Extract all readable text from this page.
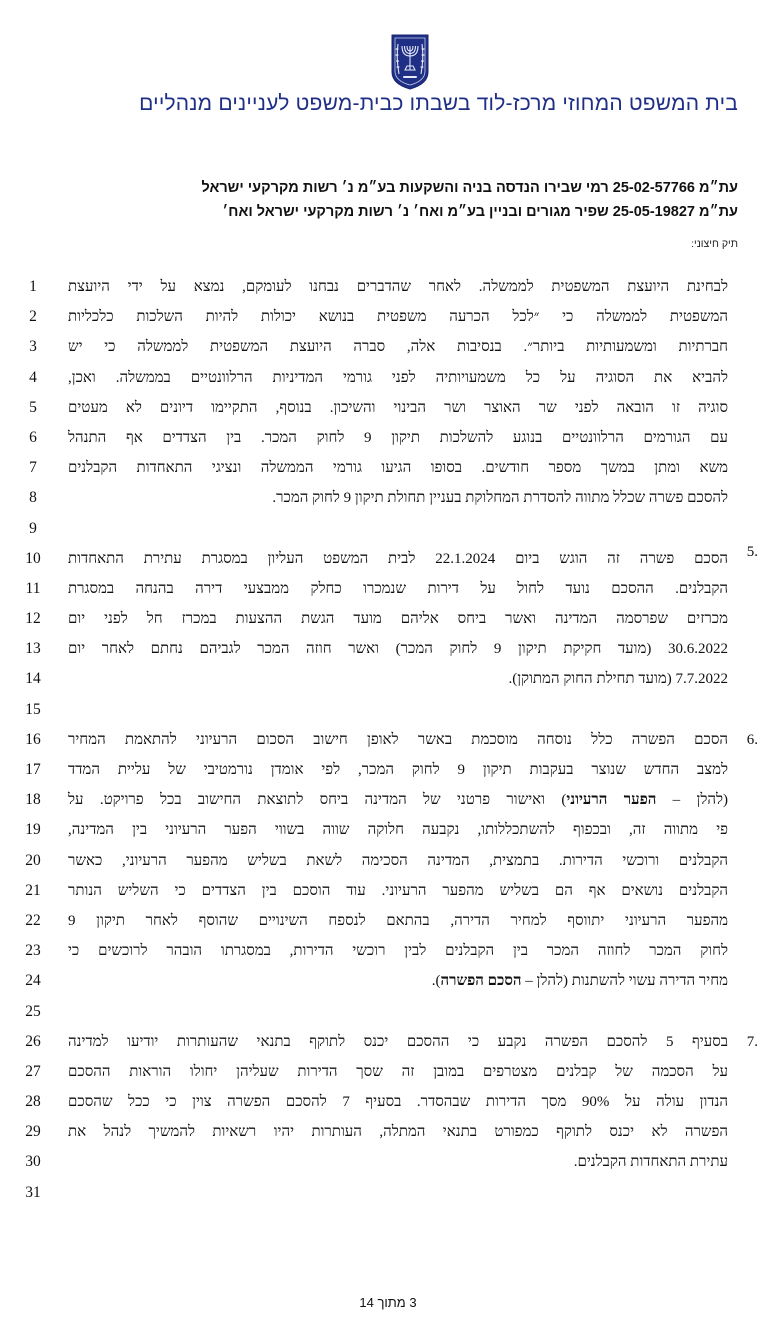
בית המשפט המחוזי מרכז-לוד בשבתו כבית-משפט לעניינים מנהליים
עת״מ 25-02-57766 רמי שבירו הנדסה בניה והשקעות בע״מ נ׳ רשות מקרקעי ישראל
עת״מ 25-05-19827 שפיר מגורים ובניין בע״מ ואח׳ נ׳ רשות מקרקעי ישראל ואח׳
תיק חיצוני:
1
2
3
4
5
6
7
8
9
10
11
12
13
14
15
16
17
18
19
20
21
22
23
24
25
26
27
28
29
30
31
לבחינת היועצת המשפטית לממשלה. לאחר שהדברים נבחנו לעומקם, נמצא על ידי היועצת
המשפטית לממשלה כי ״לכל הכרעה משפטית בנושא יכולות להיות השלכות כלכליות
חברתיות ומשמעותיות ביותר״. בנסיבות אלה, סברה היועצת המשפטית לממשלה כי יש
להביא את הסוגיה על כל משמעויותיה לפני גורמי המדיניות הרלוונטיים בממשלה. ואכן,
סוגיה זו הובאה לפני שר האוצר ושר הבינוי והשיכון. בנוסף, התקיימו דיונים לא מעטים
עם הגורמים הרלוונטיים בנוגע להשלכות תיקון 9 לחוק המכר. בין הצדדים אף התנהל
משא ומתן במשך מספר חודשים. בסופו הגיעו גורמי הממשלה ונציגי התאחדות הקבלנים
להסכם פשרה שכלל מתווה להסדרת המחלוקת בעניין תחולת תיקון 9 לחוק המכר.
5.
הסכם פשרה זה הוגש ביום 22.1.2024 לבית המשפט העליון במסגרת עתירת התאחדות
הקבלנים. ההסכם נועד לחול על דירות שנמכרו כחלק ממבצעי דירה בהנחה במסגרת
מכרזים שפרסמה המדינה ואשר ביחס אליהם מועד הגשת ההצעות במכרז חל לפני יום
30.6.2022 (מועד חקיקת תיקון 9 לחוק המכר) ואשר חוזה המכר לגביהם נחתם לאחר יום
7.7.2022 (מועד תחילת החוק המתוקן).
6.
הסכם הפשרה כלל נוסחה מוסכמת באשר לאופן חישוב הסכום הרעיוני להתאמת המחיר
למצב החדש שנוצר בעקבות תיקון 9 לחוק המכר, לפי אומדן נורמטיבי של עליית המדד
(להלן – הפער הרעיוני) ואישור פרטני של המדינה ביחס לתוצאת החישוב בכל פרויקט. על
פי מתווה זה, ובכפוף להשתכללותו, נקבעה חלוקה שווה בשווי הפער הרעיוני בין המדינה,
הקבלנים ורוכשי הדירות. בתמצית, המדינה הסכימה לשאת בשליש מהפער הרעיוני, כאשר
הקבלנים נושאים אף הם בשליש מהפער הרעיוני. עוד הוסכם בין הצדדים כי השליש הנותר
מהפער הרעיוני יתווסף למחיר הדירה, בהתאם לנספח השינויים שהוסף לאחר תיקון 9
לחוק המכר לחוזה המכר בין הקבלנים לבין רוכשי הדירות, במסגרתו הובהר לרוכשים כי
מחיר הדירה עשוי להשתנות (להלן – הסכם הפשרה).
7.
בסעיף 5 להסכם הפשרה נקבע כי ההסכם יכנס לתוקף בתנאי שהעותרות יודיעו למדינה
על הסכמה של קבלנים מצטרפים במובן זה שסך הדירות שעליהן יחולו הוראות ההסכם
הנדון עולה על 90% מסך הדירות שבהסדר. בסעיף 7 להסכם הפשרה צוין כי ככל שהסכם
הפשרה לא יכנס לתוקף כמפורט בתנאי המתלה, העותרות יהיו רשאיות להמשיך לנהל את
עתירת התאחדות הקבלנים.
3 מתוך 14
